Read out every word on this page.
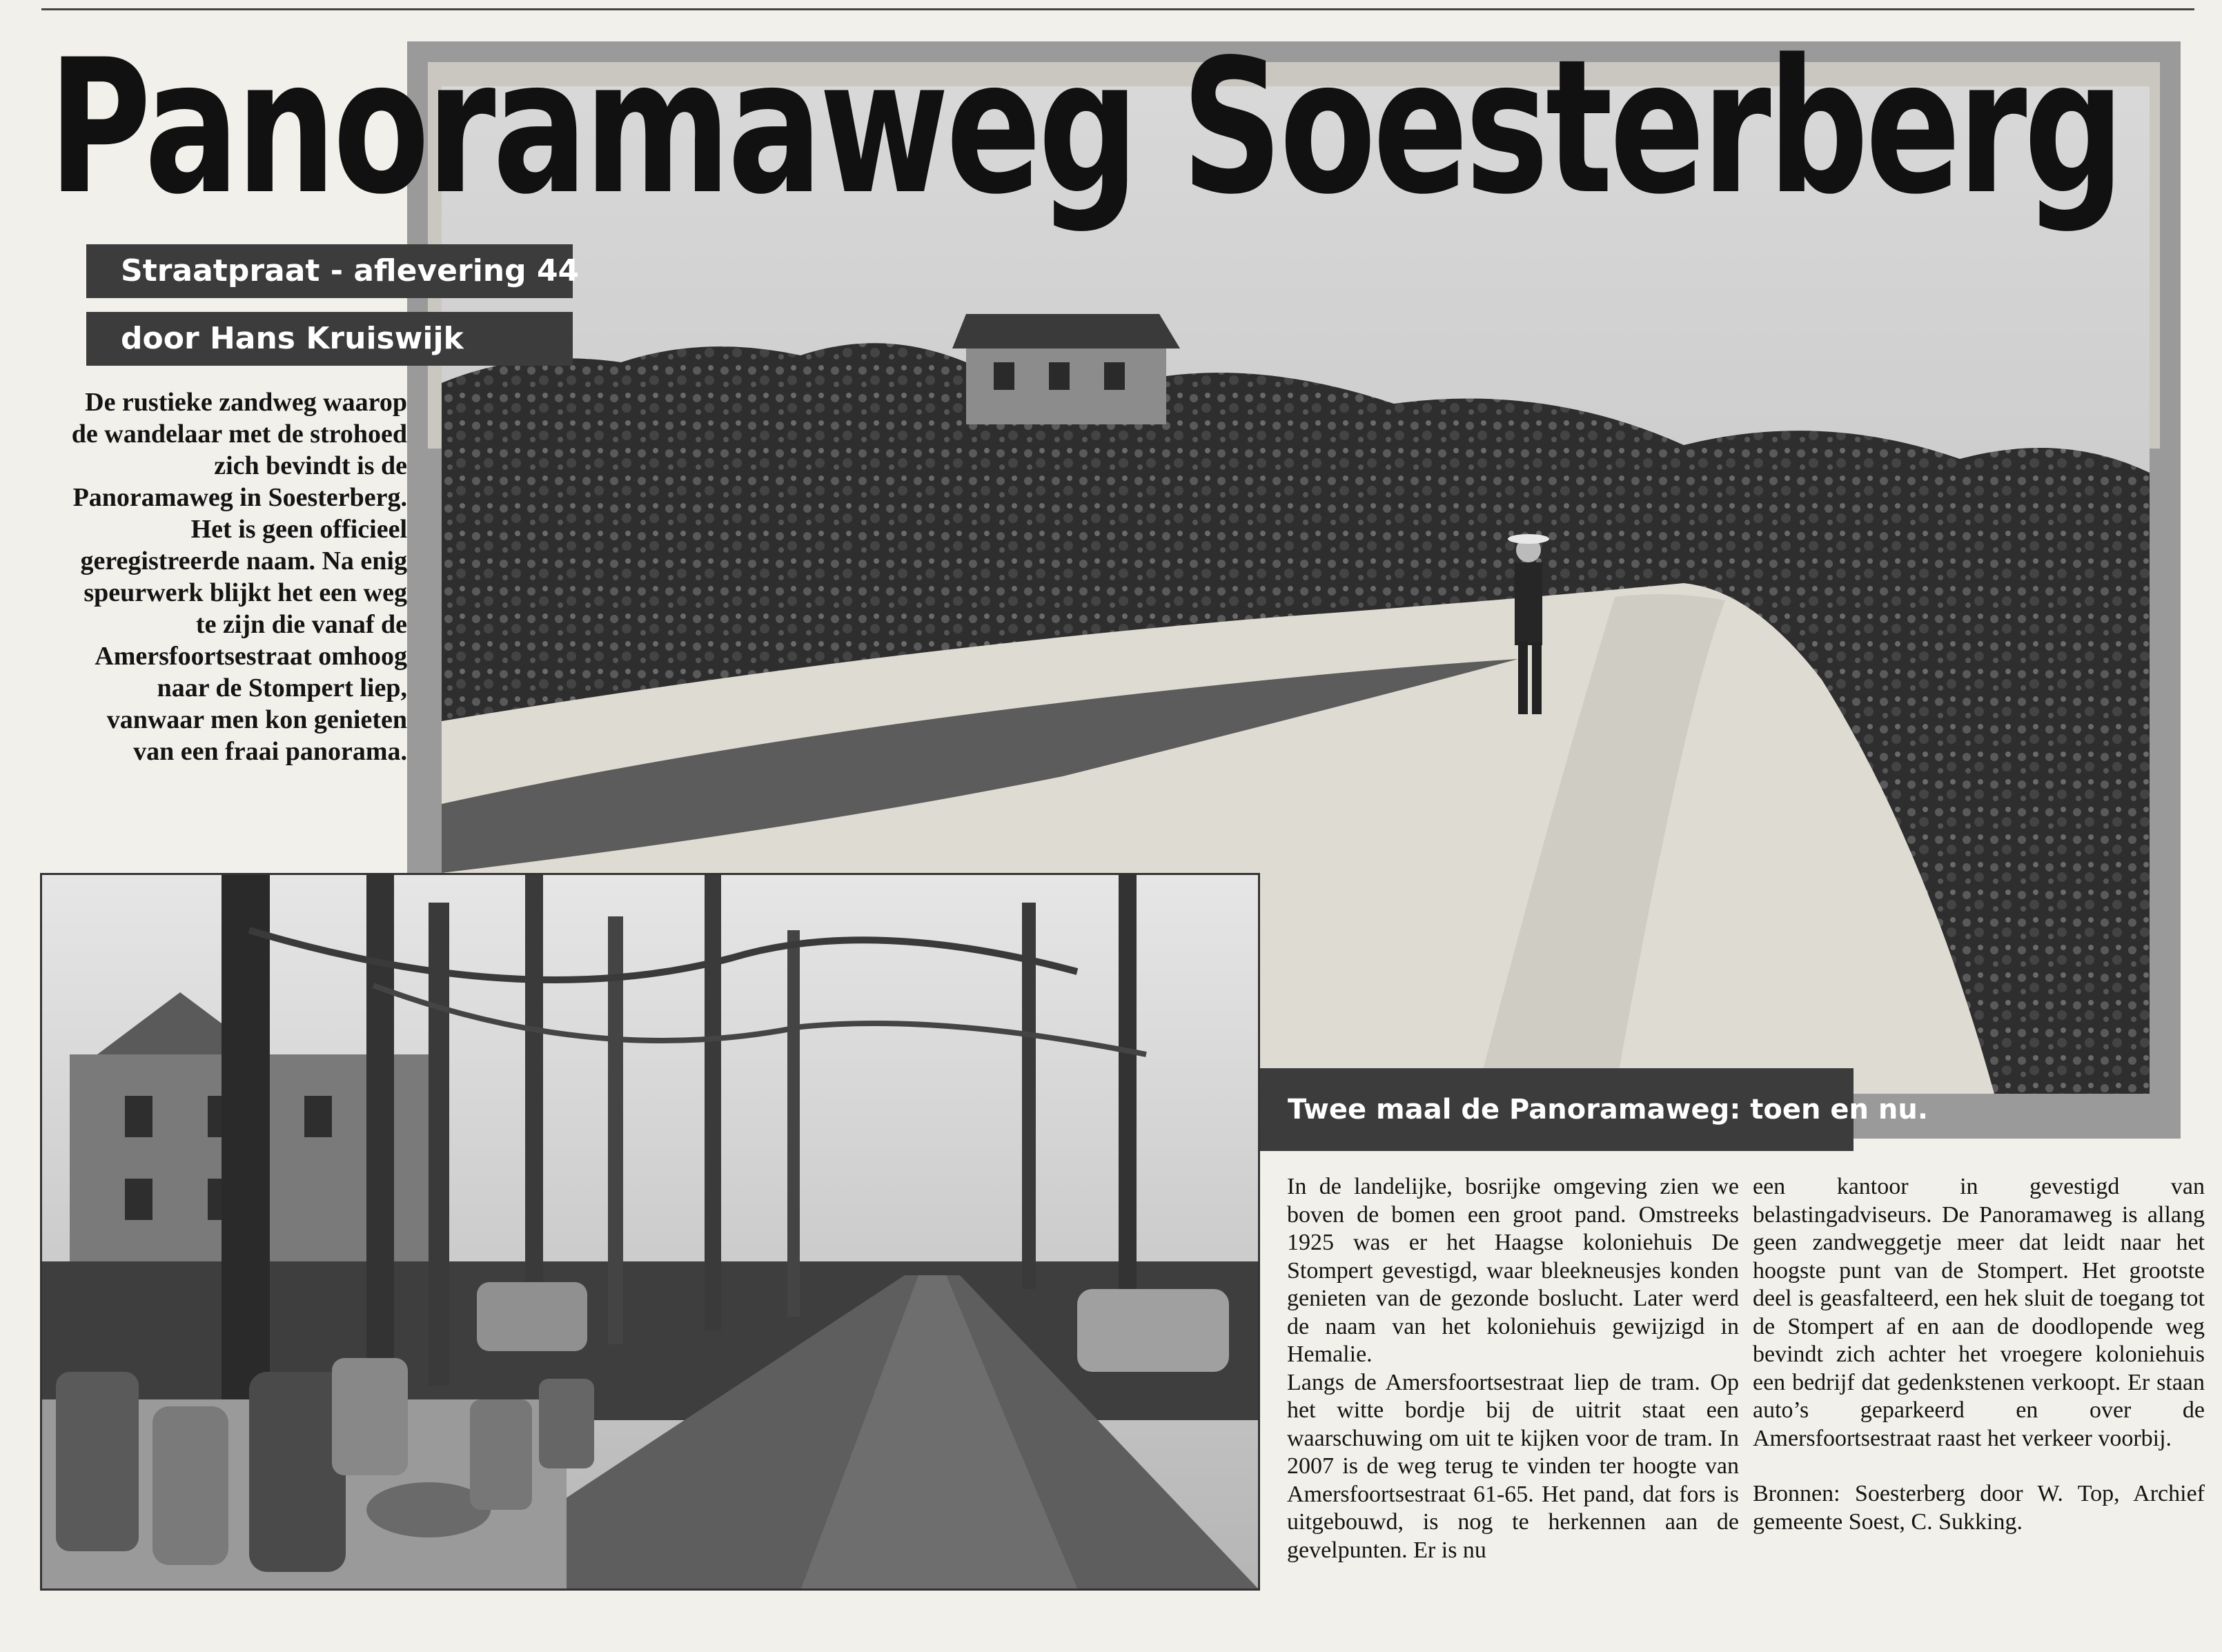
Panoramaweg Soesterberg
Straatpraat - aflevering 44
door Hans Kruiswijk
De rustieke zandweg waarop de wandelaar met de strohoed zich bevindt is de Panoramaweg in Soesterberg. Het is geen officieel geregistreerde naam. Na enig speurwerk blijkt het een weg te zijn die vanaf de Amersfoortsestraat omhoog naar de Stompert liep, vanwaar men kon genieten van een fraai panorama.
Twee maal de Panoramaweg: toen en nu.

In de landelijke, bosrijke omgeving zien we boven de bomen een groot pand. Omstreeks 1925 was er het Haagse koloniehuis De Stompert gevestigd, waar bleekneusjes konden genieten van de gezonde boslucht. Later werd de naam van het koloniehuis gewijzigd in Hemalie.

Langs de Amersfoortsestraat liep de tram. Op het witte bordje bij de uitrit staat een waarschuwing om uit te kijken voor de tram. In 2007 is de weg terug te vinden ter hoogte van Amersfoortsestraat 61-65. Het pand, dat fors is uitgebouwd, is nog te herkennen aan de gevelpunten. Er is nu

een kantoor in gevestigd van belastingadviseurs. De Panoramaweg is allang geen zandweggetje meer dat leidt naar het hoogste punt van de Stompert. Het grootste deel is geasfalteerd, een hek sluit de toegang tot de Stompert af en aan de doodlopende weg bevindt zich achter het vroegere koloniehuis een bedrijf dat gedenkstenen verkoopt. Er staan auto’s geparkeerd en over de Amersfoortsestraat raast het verkeer voorbij.

Bronnen: Soesterberg door W. Top, Archief gemeente Soest, C. Sukking.
